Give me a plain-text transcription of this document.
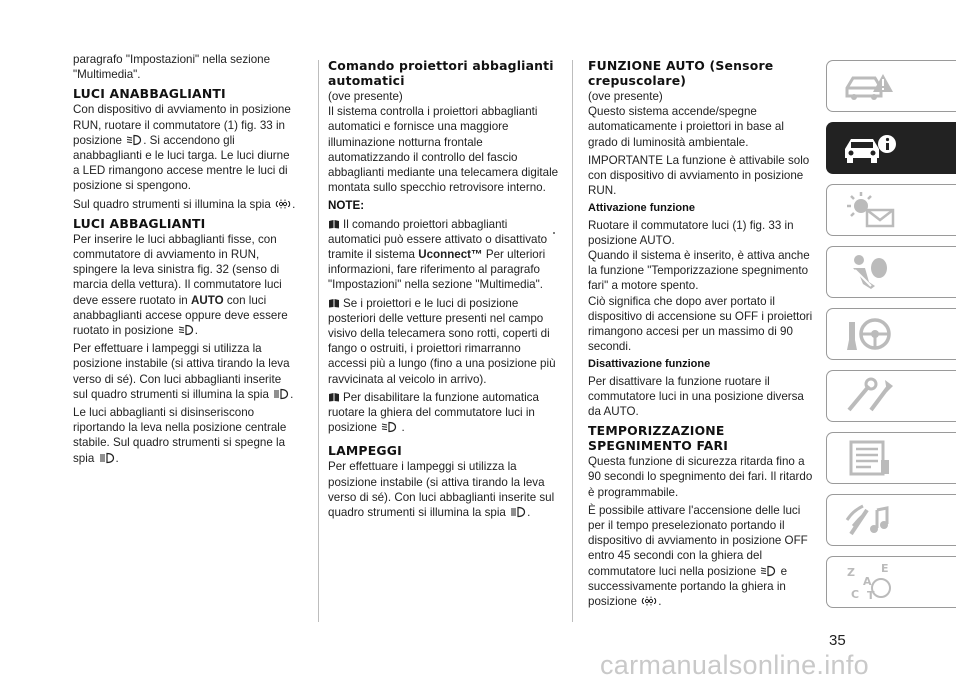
paragrafo "Impostazioni" nella sezione "Multimedia".

LUCI ANABBAGLIANTI

Con dispositivo di avviamento in posizione RUN, ruotare il commutatore (1) fig. 33 in posizione . Si accendono gli anabbaglianti e le luci targa. Le luci diurne a LED rimangono accese mentre le luci di posizione si spengono.

Sul quadro strumenti si illumina la spia .

LUCI ABBAGLIANTI

Per inserire le luci abbaglianti fisse, con commutatore di avviamento in RUN, spingere la leva sinistra fig. 32 (senso di marcia della vettura). Il commutatore luci deve essere ruotato in AUTO con luci anabbaglianti accese oppure deve essere ruotato in posizione .

Per effettuare i lampeggi si utilizza la posizione instabile (si attiva tirando la leva verso di sé). Con luci abbaglianti inserite sul quadro strumenti si illumina la spia .

Le luci abbaglianti si disinseriscono riportando la leva nella posizione centrale stabile. Sul quadro strumenti si spegne la spia .

Comando proiettori abbaglianti automatici

(ove presente)

Il sistema controlla i proiettori abbaglianti automatici e fornisce una maggiore illuminazione notturna frontale automatizzando il controllo del fascio abbaglianti mediante una telecamera digitale montata sullo specchio retrovisore interno.

NOTE:

Il comando proiettori abbaglianti automatici può essere attivato o disattivato tramite il sistema Uconnect™ Per ulteriori informazioni, fare riferimento al paragrafo "Impostazioni" nella sezione "Multimedia".

Se i proiettori e le luci di posizione posteriori delle vetture presenti nel campo visivo della telecamera sono rotti, coperti di fango o ostruiti, i proiettori rimarranno accessi più a lungo (fino a una posizione più ravvicinata al veicolo in arrivo).

Per disabilitare la funzione automatica ruotare la ghiera del commutatore luci in posizione .

LAMPEGGI

Per effettuare i lampeggi si utilizza la posizione instabile (si attiva tirando la leva verso di sé). Con luci abbaglianti inserite sul quadro strumenti si illumina la spia .

FUNZIONE AUTO (Sensore crepuscolare)

(ove presente)

Questo sistema accende/spegne automaticamente i proiettori in base al grado di luminosità ambientale.

IMPORTANTE La funzione è attivabile solo con dispositivo di avviamento in posizione RUN.

Attivazione funzione

Ruotare il commutatore luci (1) fig. 33 in posizione AUTO.

Quando il sistema è inserito, è attiva anche la funzione "Temporizzazione spegnimento fari" a motore spento.

Ciò significa che dopo aver portato il dispositivo di accensione su OFF i proiettori rimangono accesi per un massimo di 90 secondi.

Disattivazione funzione

Per disattivare la funzione ruotare il commutatore luci in una posizione diversa da AUTO.

TEMPORIZZAZIONE SPEGNIMENTO FARI

Questa funzione di sicurezza ritarda fino a 90 secondi lo spegnimento dei fari. Il ritardo è programmabile.

È possibile attivare l'accensione delle luci per il tempo preselezionato portando il dispositivo di avviamento in posizione OFF entro 45 secondi con la ghiera del commutatore luci nella posizione e successivamente portando la ghiera in posizione .

Z E
A
C T
35
carmanualsonline.info
